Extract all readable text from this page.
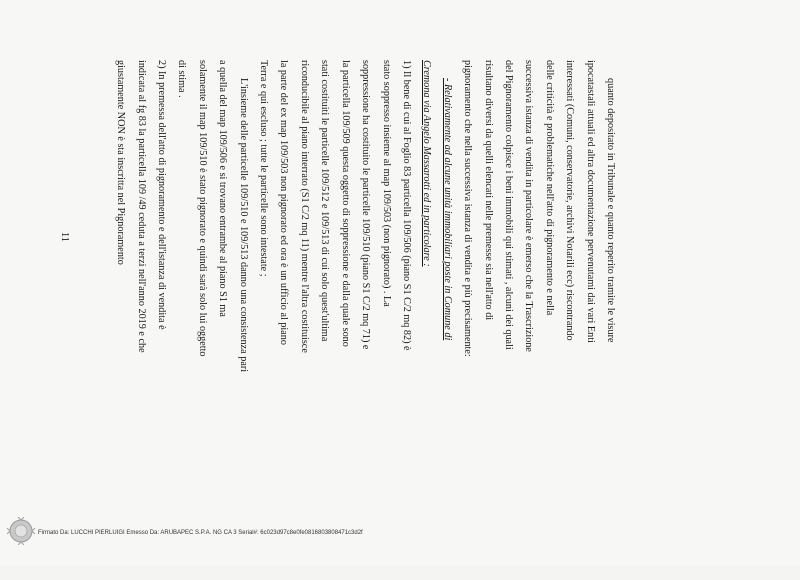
quanto depositato in Tribunale e quanto reperito tramite le visure
ipocatastali attuali ed altra documentazione pervenutami dai vari Enti
interessati (Comuni, conservatorie, archivi Notarili ecc) riscontrando
delle criticità e problematiche nell'atto di pignoramento e nella
successiva istanza di vendita in particolare è emerso che la Trascrizione
del Pignoramento colpisce i beni immobili qui stimati , alcuni dei quali
risultano diversi da quelli elencati nelle premesse sia nell'atto di
pignoramento che nella successiva istanza di vendita e più precisamente:
- Relativamente ad alcune unità immobiliari poste in Comune di
Cremona via Angelo Massarotti ed in particolare :
1) Il bene di cui al Foglio 83 particella 109/506 (piano S1 C/2 mq 82) è
stato soppresso insieme al map 109/503 (non pignorato) . La
soppressione ha costituito le particelle 109/510 (piano S1 C/2 mq 71) e
la particella 109/509 questa oggetto di soppressione e dalla quale sono
stati costituiti le particelle 109/512 e 109/513 di cui solo quest'ultima
riconducibile al piano interrato (S1 C/2 mq 11) mentre l'altra costituisce
la parte del ex map 109/503 non pignorato ed ora è un ufficio al piano
Terra e qui escluso ; tutte le particelle sono intestate ;
L'insieme delle particelle 109/510 e 109/513 danno una consistenza pari
a quella del map 109/506 e si trovano entrambe al piano S1 ma
solamente il map 109/510 è stato pignorato e quindi sarà solo lui oggetto
di stima .
2) In premessa dell'atto di pignoramento e dell'istanza di vendita è
indicata al fg 83 la particella 109 /49 ceduta a terzi nell'anno 2019 e che
giustamente NON è sta inscritta nel Pignoramento
11
Firmato Da: LUCCHI PIERLUIGI Emesso Da: ARUBAPEC S.P.A. NG CA 3 Serial#: 6c023d97c8e0fe0816803808471c3d2f
